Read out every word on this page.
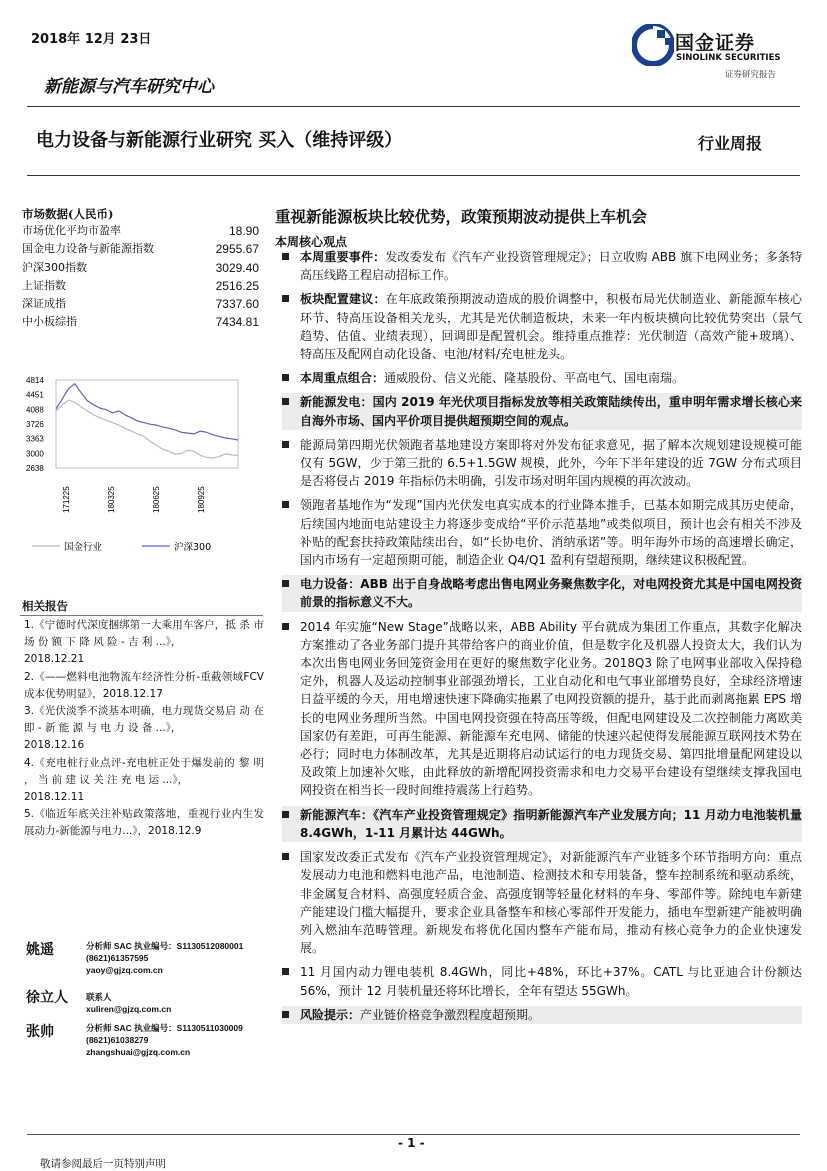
2018年 12月 23日
新能源与汽车研究中心
国金证券
SINOLINK SECURITIES
证券研究报告
电力设备与新能源行业研究 买入（维持评级）	行业周报
市场数据(人民币)
市场优化平均市盈率	18.90
国金电力设备与新能源指数	2955.67
沪深300指数	3029.40
上证指数	2516.25
深证成指	7337.60
中小板综指	7434.81
4814
4451
4088
3726
3363
3000
2638
171225	180325	180625	180925
国金行业	沪深300
相关报告
1.《宁德时代深度捆绑第一大乘用车客户，抵 杀 市 场 份 额 下 降 风 险 - 吉 利 ...》，
2018.12.21
2.《——燃料电池物流车经济性分析-重截领域FCV成本优势明显》，2018.12.17
3.《光伏淡季不淡基本明确，电力现货交易启 动 在 即 - 新 能 源 与 电 力 设 备 ...》，
2018.12.16
4.《充电桩行业点评-充电桩正处于爆发前的 黎 明 ， 当 前 建 议 关 注 充 电 运 ...》，
2018.12.11
5.《临近年底关注补贴政策落地，重视行业内生发展动力-新能源与电力...》，2018.12.9
姚遥	分析师 SAC 执业编号：S1130512080001
(8621)61357595
yaoy@gjzq.com.cn
徐立人 联系人
xuliren@gjzq.com.cn
张帅	分析师 SAC 执业编号：S1130511030009
(8621)61038279
zhangshuai@gjzq.com.cn
重视新能源板块比较优势，政策预期波动提供上车机会
本周核心观点
本周重要事件：发改委发布《汽车产业投资管理规定》；日立收购 ABB 旗下电网业务；多条特高压线路工程启动招标工作。
板块配置建议：在年底政策预期波动造成的股价调整中，积极布局光伏制造业、新能源车核心环节、特高压设备相关龙头，尤其是光伏制造板块，未来一年内板块横向比较优势突出（景气趋势、估值、业绩表现），回调即是配置机会。维持重点推荐：光伏制造（高效产能+玻璃）、特高压及配网自动化设备、电池/材料/充电桩龙头。
本周重点组合：通威股份、信义光能、隆基股份、平高电气、国电南瑞。
新能源发电：国内 2019 年光伏项目指标发放等相关政策陆续传出，重申明年需求增长核心来自海外市场、国内平价项目提供超预期空间的观点。
能源局第四期光伏领跑者基地建设方案即将对外发布征求意见，据了解本次规划建设规模可能仅有 5GW，少于第三批的 6.5+1.5GW 规模，此外，今年下半年建设的近 7GW 分布式项目是否将侵占 2019 年指标仍未明确，引发市场对明年国内规模的再次波动。
领跑者基地作为“发现”国内光伏发电真实成本的行业降本推手，已基本如期完成其历史使命，后续国内地面电站建设主力将逐步变成给“平价示范基地”或类似项目，预计也会有相关不涉及补贴的配套扶持政策陆续出台，如“长协电价、消纳承诺”等。明年海外市场的高速增长确定，国内市场有一定超预期可能，制造企业 Q4/Q1 盈利有望超预期，继续建议积极配置。
电力设备：ABB 出于自身战略考虑出售电网业务聚焦数字化，对电网投资尤其是中国电网投资前景的指标意义不大。
2014 年实施“New Stage”战略以来，ABB Ability 平台就成为集团工作重点，其数字化解决方案推动了各业务部门提升其带给客户的商业价值，但是数字化及机器人投资太大，我们认为本次出售电网业务回笼资金用在更好的聚焦数字化业务。2018Q3 除了电网事业部收入保持稳定外，机器人及运动控制事业部强劲增长，工业自动化和电气事业部增势良好，全球经济增速日益平缓的今天，用电增速快速下降确实拖累了电网投资额的提升，基于此而剥离拖累 EPS 增长的电网业务理所当然。中国电网投资强在特高压等级，但配电网建设及二次控制能力离欧美国家仍有差距，可再生能源、新能源车充电网、储能的快速兴起使得发展能源互联网技术势在必行；同时电力体制改革，尤其是近期将启动试运行的电力现货交易、第四批增量配网建设以及政策上加速补欠账，由此释放的新增配网投资需求和电力交易平台建设有望继续支撑我国电网投资在相当长一段时间维持震荡上行趋势。
新能源汽车：《汽车产业投资管理规定》指明新能源汽车产业发展方向；11 月动力电池装机量 8.4GWh，1-11 月累计达 44GWh。
国家发改委正式发布《汽车产业投资管理规定》，对新能源汽车产业链多个环节指明方向：重点发展动力电池和燃料电池产品，电池制造、检测技术和专用装备，整车控制系统和驱动系统，非金属复合材料、高强度轻质合金、高强度钢等轻量化材料的车身、零部件等。除纯电车新建产能建设门槛大幅提升，要求企业具备整车和核心零部件开发能力，插电车型新建产能被明确列入燃油车范畴管理。新规发布将优化国内整车产能布局，推动有核心竞争力的企业快速发展。
11 月国内动力锂电装机 8.4GWh，同比+48%，环比+37%。CATL 与比亚迪合计份额达 56%，预计 12 月装机量还将环比增长，全年有望达 55GWh。
风险提示：产业链价格竞争激烈程度超预期。
- 1 -
敬请参阅最后一页特别声明
